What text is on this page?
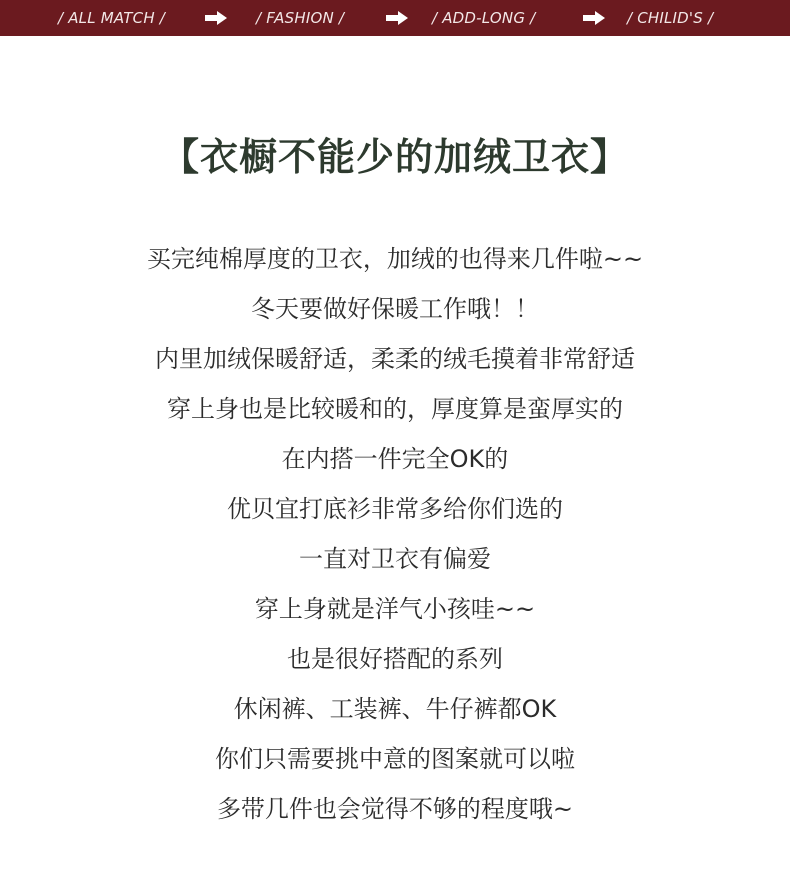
/ ALL MATCH /	/ FASHION /	/ ADD-LONG /	/ CHILID'S /
【衣橱不能少的加绒卫衣】
买完纯棉厚度的卫衣，加绒的也得来几件啦~~
冬天要做好保暖工作哦！！
内里加绒保暖舒适，柔柔的绒毛摸着非常舒适
穿上身也是比较暖和的，厚度算是蛮厚实的
在内搭一件完全OK的
优贝宜打底衫非常多给你们选的
一直对卫衣有偏爱
穿上身就是洋气小孩哇~~
也是很好搭配的系列
休闲裤、工装裤、牛仔裤都OK
你们只需要挑中意的图案就可以啦
多带几件也会觉得不够的程度哦~
